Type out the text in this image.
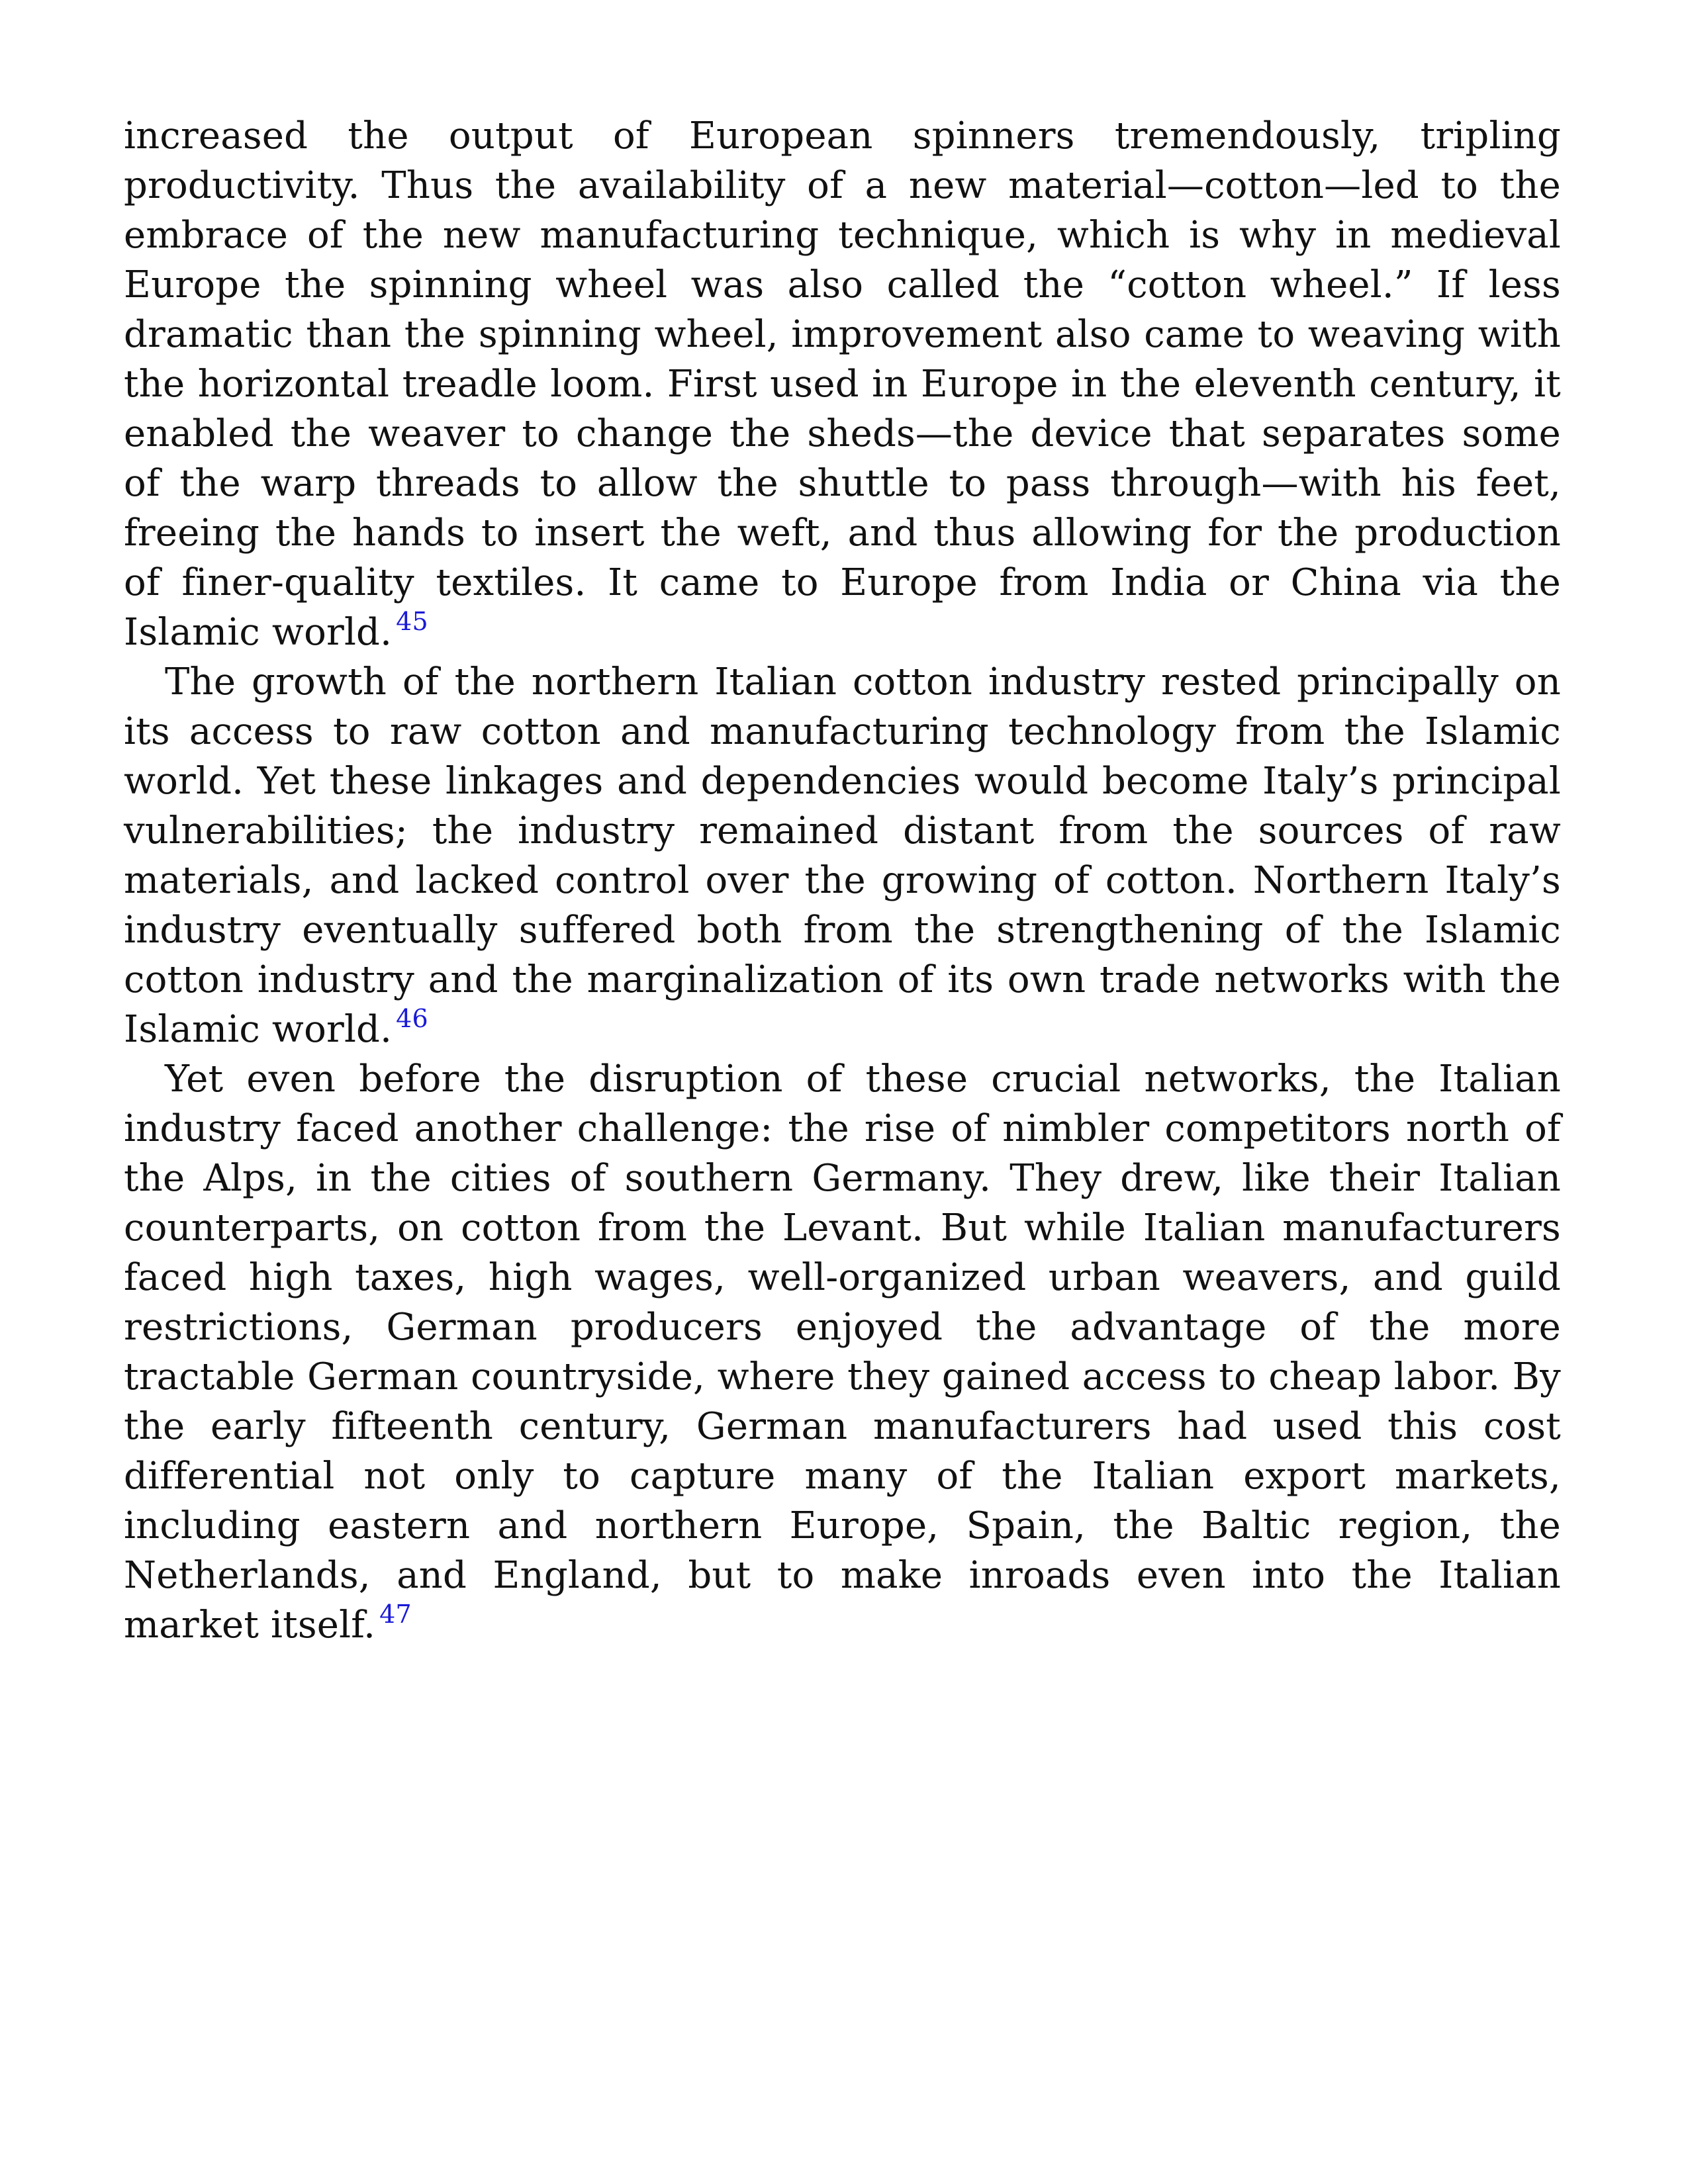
increased the output of European spinners tremendously, tripling productivity. Thus the availability of a new material—cotton—led to the embrace of the new manufacturing technique, which is why in medieval Europe the spinning wheel was also called the “cotton wheel.” If less dramatic than the spinning wheel, improvement also came to weaving with the horizontal treadle loom. First used in Europe in the eleventh century, it enabled the weaver to change the sheds—the device that separates some of the warp threads to allow the shuttle to pass through—with his feet, freeing the hands to insert the weft, and thus allowing for the production of finer-quality textiles. It came to Europe from India or China via the Islamic world. $^{45}$

The growth of the northern Italian cotton industry rested principally on its access to raw cotton and manufacturing technology from the Islamic world. Yet these linkages and dependencies would become Italy’s principal vulnerabilities; the industry remained distant from the sources of raw materials, and lacked control over the growing of cotton. Northern Italy’s industry eventually suffered both from the strengthening of the Islamic cotton industry and the marginalization of its own trade networks with the Islamic world. $^{46}$

Yet even before the disruption of these crucial networks, the Italian industry faced another challenge: the rise of nimbler competitors north of the Alps, in the cities of southern Germany. They drew, like their Italian counterparts, on cotton from the Levant. But while Italian manufacturers faced high taxes, high wages, well-organized urban weavers, and guild restrictions, German producers enjoyed the advantage of the more tractable German countryside, where they gained access to cheap labor. By the early fifteenth century, German manufacturers had used this cost differential not only to capture many of the Italian export markets, including eastern and northern Europe, Spain, the Baltic region, the Netherlands, and England, but to make inroads even into the Italian market itself. $^{47}$
